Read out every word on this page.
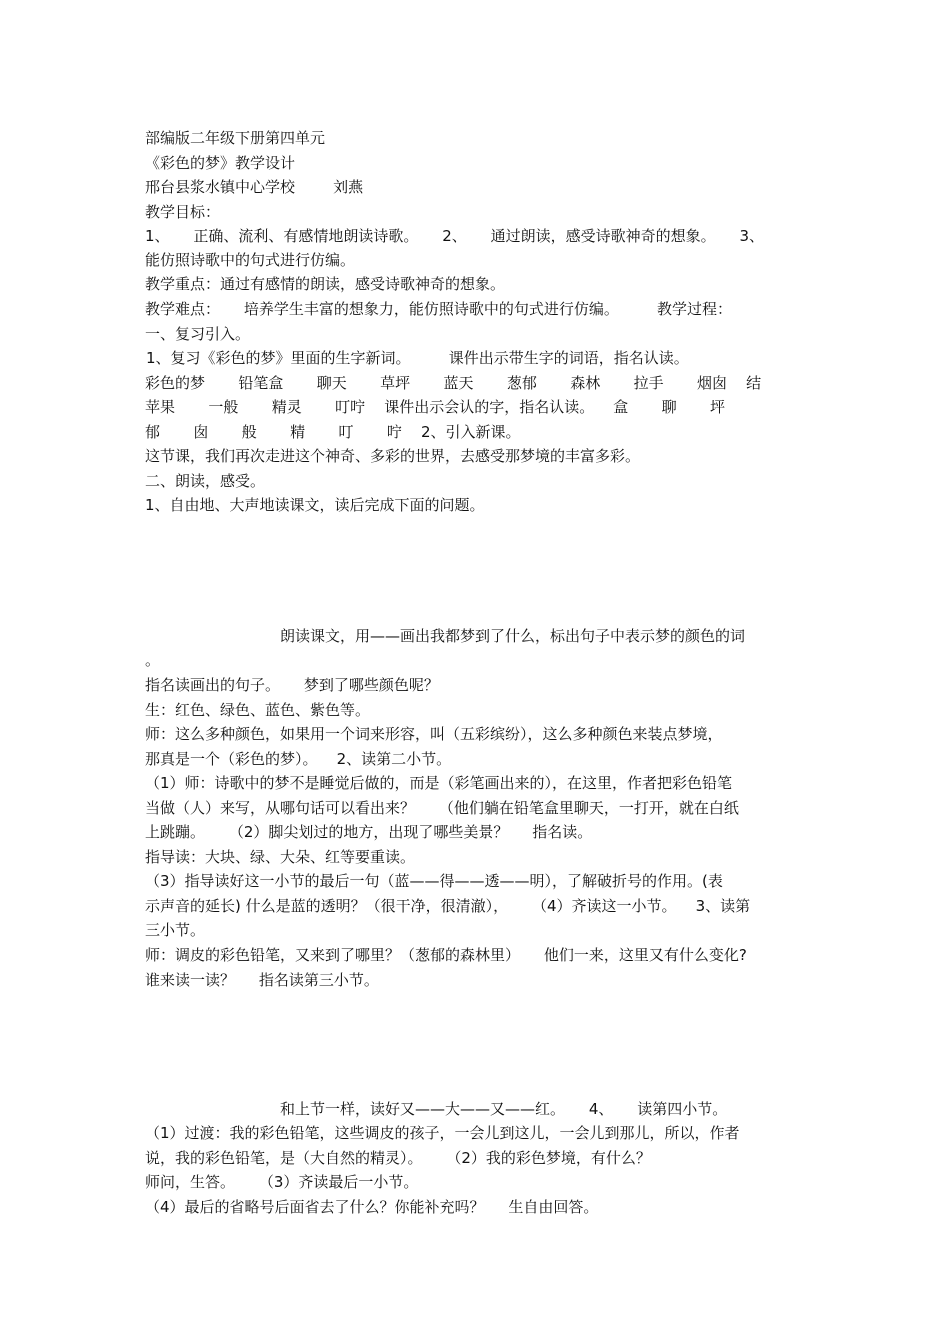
部编版二年级下册第四单元
《彩色的梦》教学设计
邢台县浆水镇中心学校        刘燕
教学目标：
1、     正确、流利、有感情地朗读诗歌。     2、     通过朗读，感受诗歌神奇的想象。     3、
能仿照诗歌中的句式进行仿编。
教学重点：通过有感情的朗读，感受诗歌神奇的想象。
教学难点：     培养学生丰富的想象力，能仿照诗歌中的句式进行仿编。        教学过程：
一、复习引入。
1、复习《彩色的梦》里面的生字新词。        课件出示带生字的词语，指名认读。
彩色的梦       铅笔盒       聊天       草坪       蓝天       葱郁       森林       拉手       烟囱    结
苹果       一般       精灵       叮咛    课件出示会认的字，指名认读。    盒       聊       坪
郁       囱       般       精       叮       咛    2、引入新课。
这节课，我们再次走进这个神奇、多彩的世界，去感受那梦境的丰富多彩。
二、朗读，感受。
1、自由地、大声地读课文，读后完成下面的问题。
朗读课文，用——画出我都梦到了什么，标出句子中表示梦的颜色的词
。
指名读画出的句子。     梦到了哪些颜色呢？
生：红色、绿色、蓝色、紫色等。
师：这么多种颜色，如果用一个词来形容，叫（五彩缤纷），这么多种颜色来装点梦境，
那真是一个（彩色的梦）。    2、读第二小节。
（1）师：诗歌中的梦不是睡觉后做的，而是（彩笔画出来的），在这里，作者把彩色铅笔
当做（人）来写，从哪句话可以看出来？     （他们躺在铅笔盒里聊天，一打开，就在白纸
上跳蹦。     （2）脚尖划过的地方，出现了哪些美景？     指名读。
指导读：大块、绿、大朵、红等要重读。
（3）指导读好这一小节的最后一句（蓝——得——透——明），了解破折号的作用。(表
示声音的延长) 什么是蓝的透明？（很干净，很清澈），     （4）齐读这一小节。    3、读第
三小节。
师：调皮的彩色铅笔，又来到了哪里？（葱郁的森林里）     他们一来，这里又有什么变化?
谁来读一读？     指名读第三小节。
和上节一样，读好又——大——又——红。     4、     读第四小节。
（1）过渡：我的彩色铅笔，这些调皮的孩子，一会儿到这儿，一会儿到那儿，所以，作者
说，我的彩色铅笔，是（大自然的精灵）。     （2）我的彩色梦境，有什么？
师问，生答。     （3）齐读最后一小节。
（4）最后的省略号后面省去了什么？你能补充吗？     生自由回答。
